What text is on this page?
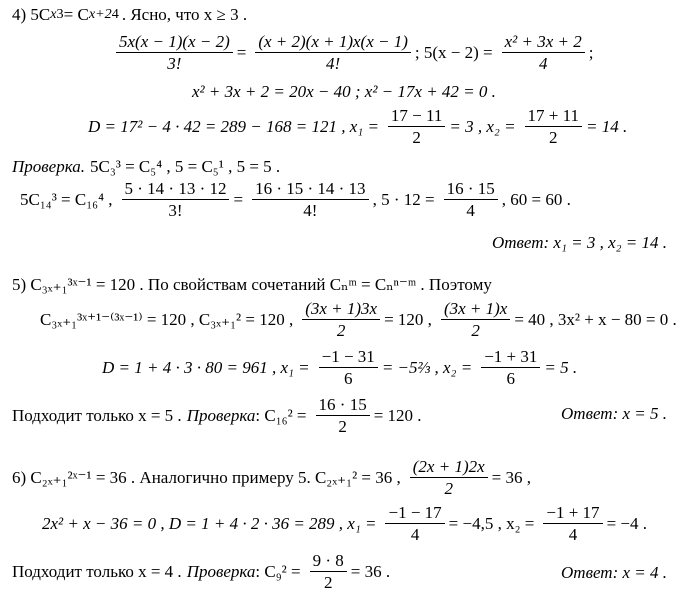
4) 5C x 3 = C x+2 4 . Ясно, что x ≥ 3 .
$\frac{5x(x - 1)(x - 2)}{3!} = \frac{(x + 2)(x + 1)x(x - 1)}{4!}$ ; $5(x - 2) = \frac{\text{x² + 3x + 2}}{4}$ ;
x² + 3x + 2 = 20x − 40 ; x² − 17x + 42 = 0 .
D = 17² − 4 · 42 = 289 − 168 = 121 , $x_1 = \frac{17 - 11}{2} = 3$ , $x_2 = \frac{17 + 11}{2} = 14$ .
Проверка. 5C₃³ = C₅⁴ , 5 = C₅¹ , 5 = 5 .
5C₁₄³ = C₁₆⁴ , $\frac{5 \cdot 14 \cdot 13 \cdot 12}{3!} = \frac{16 \cdot 15 \cdot 14 \cdot 13}{4!}$ , $5 \cdot 12 = \frac{16 \cdot 15}{4}$ , 60 = 60 .
Ответ: x₁ = 3 , x₂ = 14 .
5) C₃ₓ₊₁³ˣ⁻¹ = 120 . По свойствам сочетаний Cₙᵐ = Cₙⁿ⁻ᵐ . Поэтому
C₃ₓ₊₁³ˣ⁺¹⁻⁽³ˣ⁻¹⁾ = 120 , C₃ₓ₊₁² = 120 , $\frac{(3x + 1)3x}{2} = 120$ , $\frac{(3x + 1)x}{2} = 40$ , 3x² + x − 80 = 0 .
D = 1 + 4 · 3 · 80 = 961 , $x_1 = \frac{-1 - 31}{6}$ = −5⅔ , $x_2 = \frac{-1 + 31}{6} = 5$ .
Подходит только x = 5 . Проверка : $C_{16}^2 = \frac{16 \cdot 15}{2} = 120$ .	Ответ: x = 5 .
6) C₂ₓ₊₁²ˣ⁻¹ = 36 . Аналогично примеру 5. C₂ₓ₊₁² = 36 , $\frac{(2x + 1)2x}{2} = 36$ ,
2x² + x − 36 = 0 , D = 1 + 4 · 2 · 36 = 289 , $x_1 = \frac{-1 - 17}{4} = -4,5$ , $x_2 = \frac{-1 + 17}{4} = -4$ .
Подходит только x = 4 . Проверка : $C_9^2 = \frac{9 \cdot 8}{2} = 36$ .	Ответ: x = 4 .
